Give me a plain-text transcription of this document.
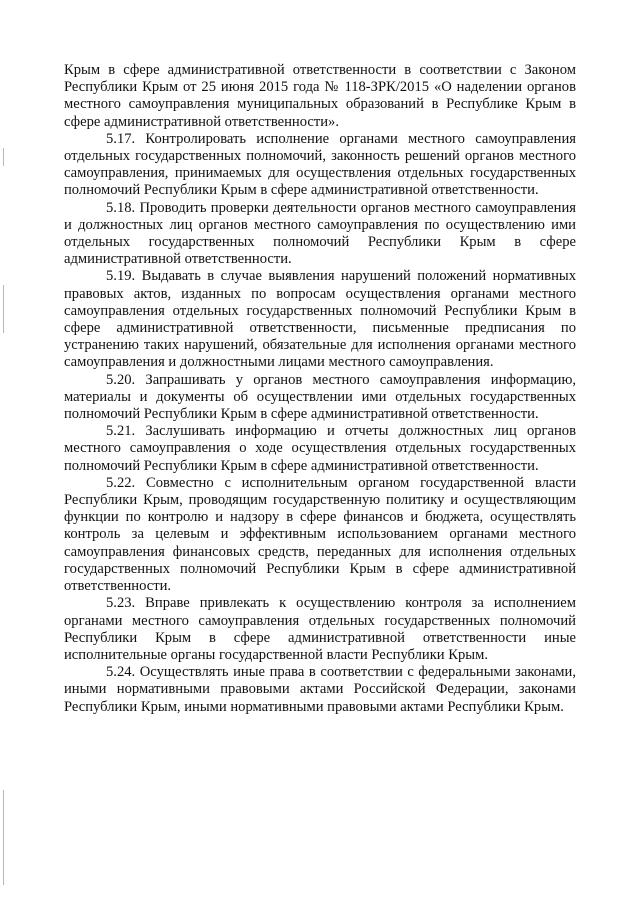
Крым в сфере административной ответственности в соответствии с Законом Республики Крым от 25 июня 2015 года № 118-ЗРК/2015 «О наделении органов местного самоуправления муниципальных образований в Республике Крым в сфере административной ответственности».

5.17. Контролировать исполнение органами местного самоуправления отдельных государственных полномочий, законность решений органов местного самоуправления, принимаемых для осуществления отдельных государственных полномочий Республики Крым в сфере административной ответственности.

5.18. Проводить проверки деятельности органов местного самоуправления и должностных лиц органов местного самоуправления по осуществлению ими отдельных государственных полномочий Республики Крым в сфере административной ответственности.

5.19. Выдавать в случае выявления нарушений положений нормативных правовых актов, изданных по вопросам осуществления органами местного самоуправления отдельных государственных полномочий Республики Крым в сфере административной ответственности, письменные предписания по устранению таких нарушений, обязательные для исполнения органами местного самоуправления и должностными лицами местного самоуправления.

5.20. Запрашивать у органов местного самоуправления информацию, материалы и документы об осуществлении ими отдельных государственных полномочий Республики Крым в сфере административной ответственности.

5.21. Заслушивать информацию и отчеты должностных лиц органов местного самоуправления о ходе осуществления отдельных государственных полномочий Республики Крым в сфере административной ответственности.

5.22. Совместно с исполнительным органом государственной власти Республики Крым, проводящим государственную политику и осуществляющим функции по контролю и надзору в сфере финансов и бюджета, осуществлять контроль за целевым и эффективным использованием органами местного самоуправления финансовых средств, переданных для исполнения отдельных государственных полномочий Республики Крым в сфере административной ответственности.

5.23. Вправе привлекать к осуществлению контроля за исполнением органами местного самоуправления отдельных государственных полномочий Республики Крым в сфере административной ответственности иные исполнительные органы государственной власти Республики Крым.

5.24. Осуществлять иные права в соответствии с федеральными законами, иными нормативными правовыми актами Российской Федерации, законами Республики Крым, иными нормативными правовыми актами Республики Крым.
